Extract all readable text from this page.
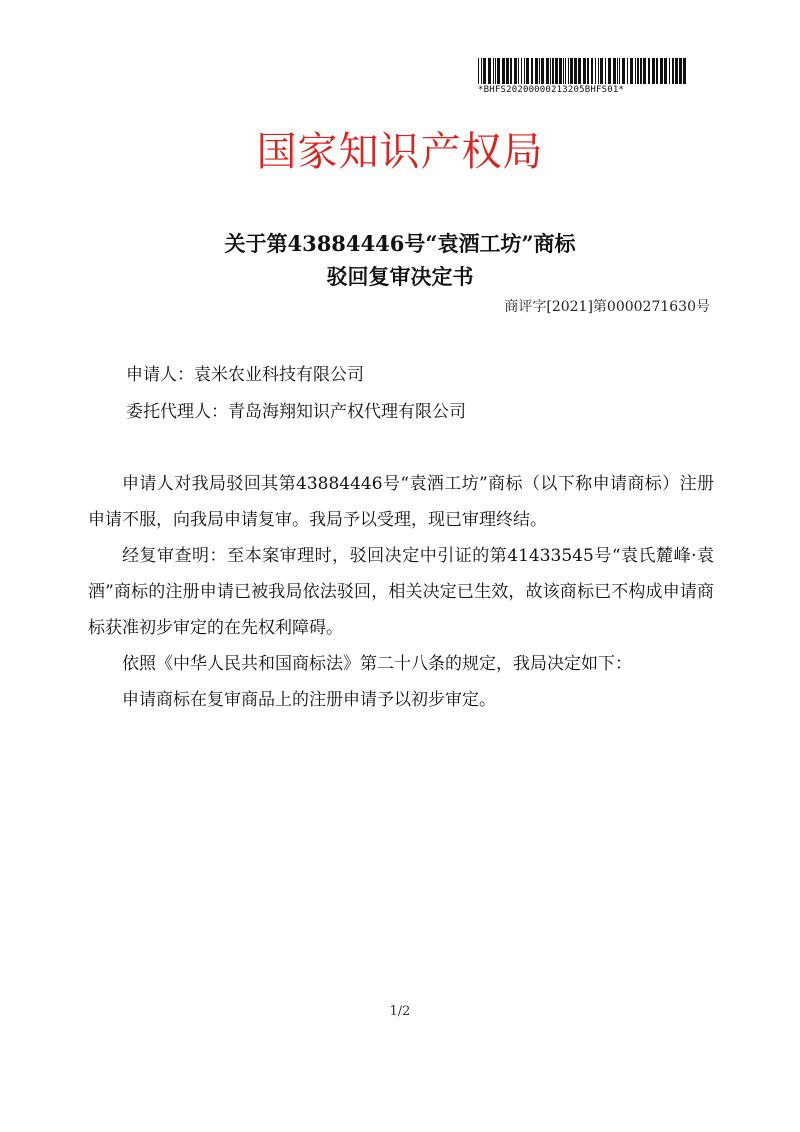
*BHFS20200000213205BHFS01*
国家知识产权局
关于第43884446号“袁酒工坊”商标
驳回复审决定书
商评字[2021]第0000271630号
申请人：袁米农业科技有限公司
委托代理人：青岛海翔知识产权代理有限公司

申请人对我局驳回其第43884446号“袁酒工坊”商标（以下称申请商标）注册申请不服，向我局申请复审。我局予以受理，现已审理终结。

经复审查明：至本案审理时，驳回决定中引证的第41433545号“袁氏麓峰·袁酒”商标的注册申请已被我局依法驳回，相关决定已生效，故该商标已不构成申请商标获准初步审定的在先权利障碍。

依照《中华人民共和国商标法》第二十八条的规定，我局决定如下：

申请商标在复审商品上的注册申请予以初步审定。

1/2
